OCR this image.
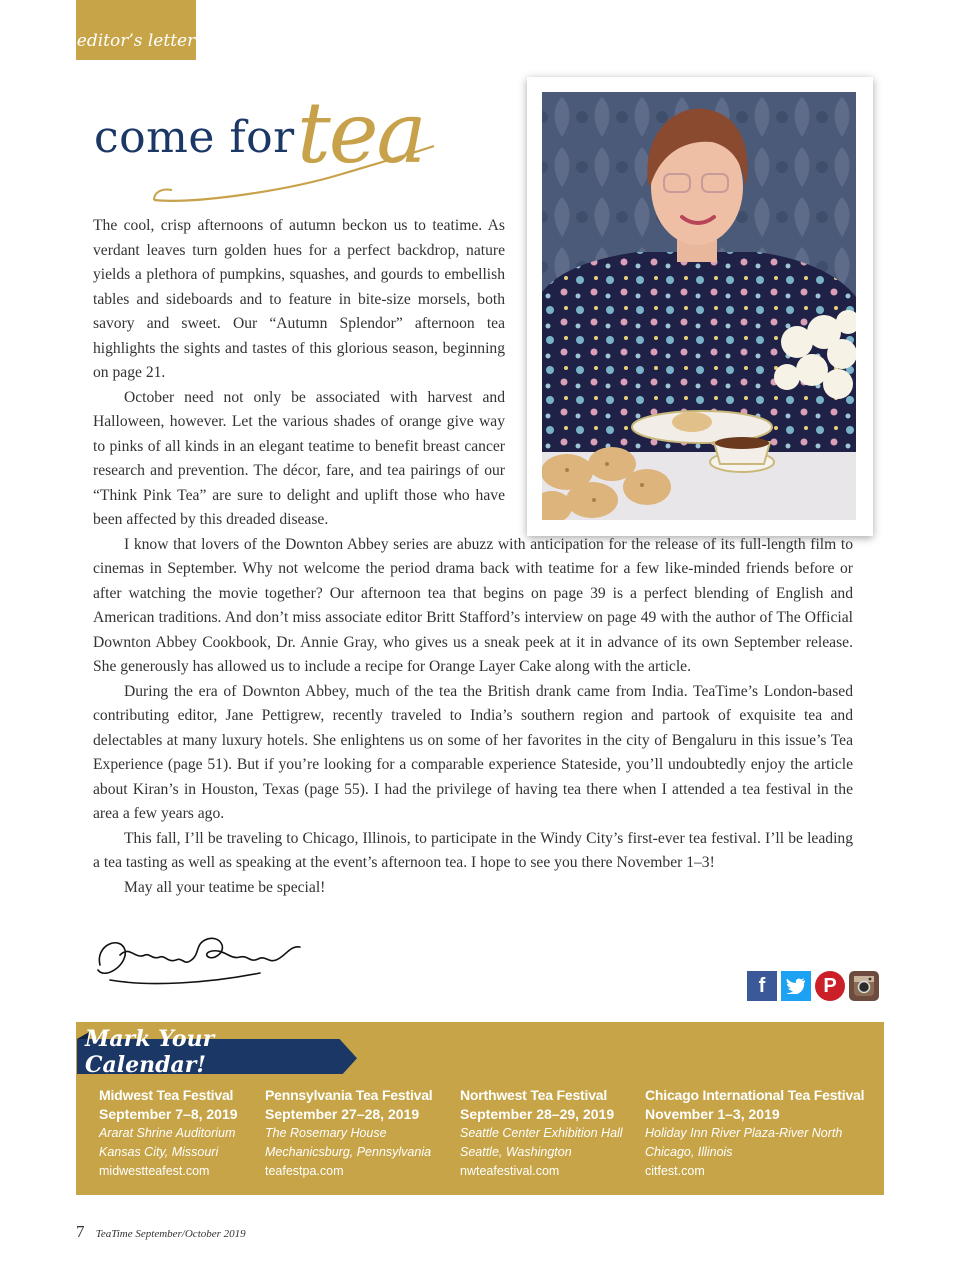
editor’s letter
come for tea

The cool, crisp afternoons of autumn beckon us to teatime. As verdant leaves turn golden hues for a perfect backdrop, nature yields a plethora of pumpkins, squashes, and gourds to embellish tables and sideboards and to feature in bite-size morsels, both savory and sweet. Our “Autumn Splendor” afternoon tea highlights the sights and tastes of this glorious season, beginning on page 21.

October need not only be associated with harvest and Halloween, however. Let the various shades of orange give way to pinks of all kinds in an elegant teatime to benefit breast cancer research and prevention. The décor, fare, and tea pairings of our “Think Pink Tea” are sure to delight and uplift those who have been affected by this dreaded disease.

I know that lovers of the Downton Abbey series are abuzz with anticipation for the release of its full-length film to cinemas in September. Why not welcome the period drama back with teatime for a few like-minded friends before or after watching the movie together? Our afternoon tea that begins on page 39 is a perfect blending of English and American traditions. And don’t miss associate editor Britt Stafford’s interview on page 49 with the author of The Official Downton Abbey Cookbook, Dr. Annie Gray, who gives us a sneak peek at it in advance of its own September release. She generously has allowed us to include a recipe for Orange Layer Cake along with the article.

During the era of Downton Abbey, much of the tea the British drank came from India. TeaTime’s London-based contributing editor, Jane Pettigrew, recently traveled to India’s southern region and partook of exquisite tea and delectables at many luxury hotels. She enlightens us on some of her favorites in the city of Bengaluru in this issue’s Tea Experience (page 51). But if you’re looking for a comparable experience Stateside, you’ll undoubtedly enjoy the article about Kiran’s in Houston, Texas (page 55). I had the privilege of having tea there when I attended a tea festival in the area a few years ago.

This fall, I’ll be traveling to Chicago, Illinois, to participate in the Windy City’s first-ever tea festival. I’ll be leading a tea tasting as well as speaking at the event’s afternoon tea. I hope to see you there November 1–3!

May all your teatime be special!

f	P
Mark Your Calendar!
Midwest Tea Festival
September 7–8, 2019
Ararat Shrine Auditorium
Kansas City, Missouri
midwestteafest.com
Pennsylvania Tea Festival
September 27–28, 2019
The Rosemary House
Mechanicsburg, Pennsylvania
teafestpa.com
Northwest Tea Festival
September 28–29, 2019
Seattle Center Exhibition Hall
Seattle, Washington
nwteafestival.com
Chicago International Tea Festival
November 1–3, 2019
Holiday Inn River Plaza-River North
Chicago, Illinois
citfest.com
7 TeaTime September/October 2019
